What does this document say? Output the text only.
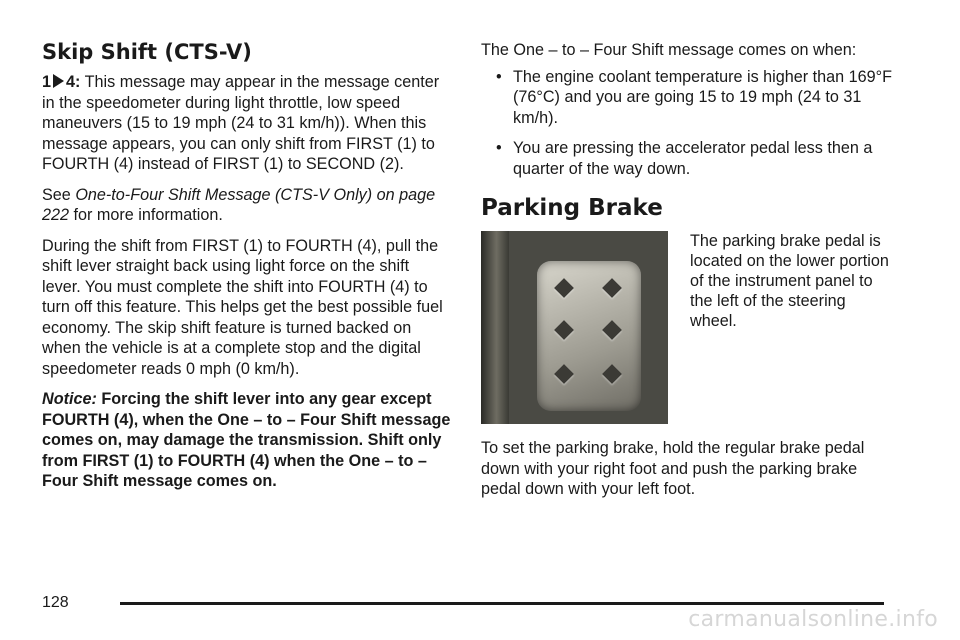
Skip Shift (CTS-V)

1 4: This message may appear in the message center in the speedometer during light throttle, low speed maneuvers (15 to 19 mph (24 to 31 km/h)). When this message appears, you can only shift from FIRST (1) to FOURTH (4) instead of FIRST (1) to SECOND (2).

See One-to-Four Shift Message (CTS-V Only) on page 222 for more information.

During the shift from FIRST (1) to FOURTH (4), pull the shift lever straight back using light force on the shift lever. You must complete the shift into FOURTH (4) to turn off this feature. This helps get the best possible fuel economy. The skip shift feature is turned backed on when the vehicle is at a complete stop and the digital speedometer reads 0 mph (0 km/h).

Notice: Forcing the shift lever into any gear except FOURTH (4), when the One – to – Four Shift message comes on, may damage the transmission. Shift only from FIRST (1) to FOURTH (4) when the One – to – Four Shift message comes on.

The One – to – Four Shift message comes on when:

• The engine coolant temperature is higher than 169°F (76°C) and you are going 15 to 19 mph (24 to 31 km/h).
• You are pressing the accelerator pedal less then a quarter of the way down.
Parking Brake

The parking brake pedal is located on the lower portion of the instrument panel to the left of the steering wheel.

To set the parking brake, hold the regular brake pedal down with your right foot and push the parking brake pedal down with your left foot.

128
carmanualsonline.info
